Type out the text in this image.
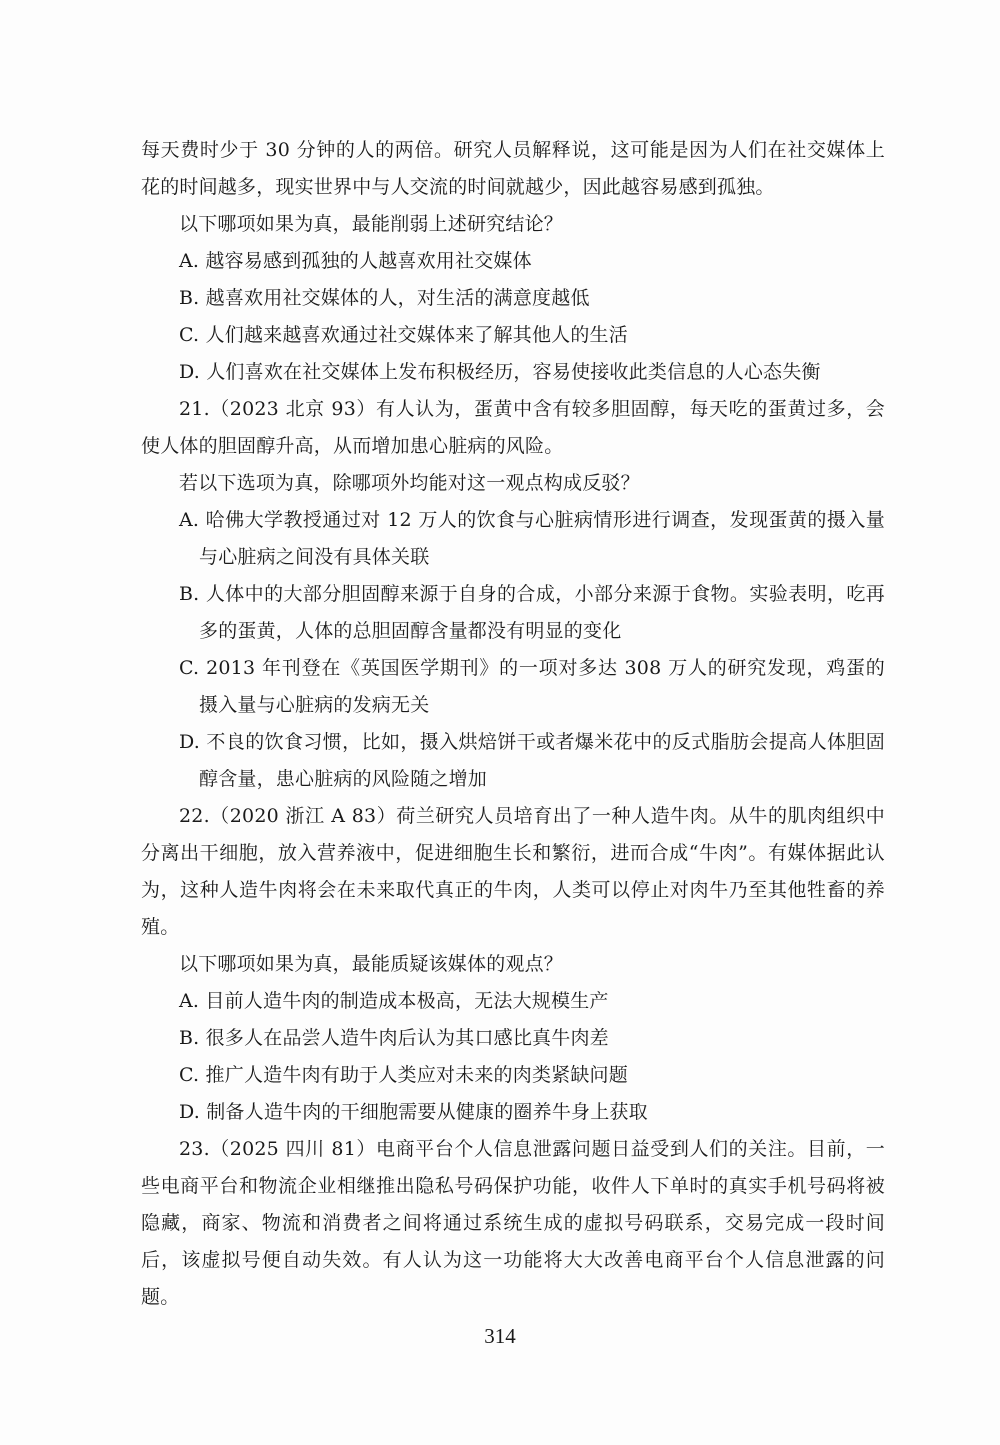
每天费时少于 30 分钟的人的两倍。研究人员解释说，这可能是因为人们在社交媒体上花的时间越多，现实世界中与人交流的时间就越少，因此越容易感到孤独。

以下哪项如果为真，最能削弱上述研究结论？

A. 越容易感到孤独的人越喜欢用社交媒体

B. 越喜欢用社交媒体的人，对生活的满意度越低

C. 人们越来越喜欢通过社交媒体来了解其他人的生活

D. 人们喜欢在社交媒体上发布积极经历，容易使接收此类信息的人心态失衡

21.（2023 北京 93）有人认为，蛋黄中含有较多胆固醇，每天吃的蛋黄过多，会使人体的胆固醇升高，从而增加患心脏病的风险。

若以下选项为真，除哪项外均能对这一观点构成反驳？

A. 哈佛大学教授通过对 12 万人的饮食与心脏病情形进行调查，发现蛋黄的摄入量与心脏病之间没有具体关联

B. 人体中的大部分胆固醇来源于自身的合成，小部分来源于食物。实验表明，吃再多的蛋黄，人体的总胆固醇含量都没有明显的变化

C. 2013 年刊登在《英国医学期刊》的一项对多达 308 万人的研究发现，鸡蛋的摄入量与心脏病的发病无关

D. 不良的饮食习惯，比如，摄入烘焙饼干或者爆米花中的反式脂肪会提高人体胆固醇含量，患心脏病的风险随之增加

22.（2020 浙江 A 83）荷兰研究人员培育出了一种人造牛肉。从牛的肌肉组织中分离出干细胞，放入营养液中，促进细胞生长和繁衍，进而合成“牛肉”。有媒体据此认为，这种人造牛肉将会在未来取代真正的牛肉，人类可以停止对肉牛乃至其他牲畜的养殖。

以下哪项如果为真，最能质疑该媒体的观点？

A. 目前人造牛肉的制造成本极高，无法大规模生产

B. 很多人在品尝人造牛肉后认为其口感比真牛肉差

C. 推广人造牛肉有助于人类应对未来的肉类紧缺问题

D. 制备人造牛肉的干细胞需要从健康的圈养牛身上获取

23.（2025 四川 81）电商平台个人信息泄露问题日益受到人们的关注。目前，一些电商平台和物流企业相继推出隐私号码保护功能，收件人下单时的真实手机号码将被隐藏，商家、物流和消费者之间将通过系统生成的虚拟号码联系，交易完成一段时间后，该虚拟号便自动失效。有人认为这一功能将大大改善电商平台个人信息泄露的问题。

314
